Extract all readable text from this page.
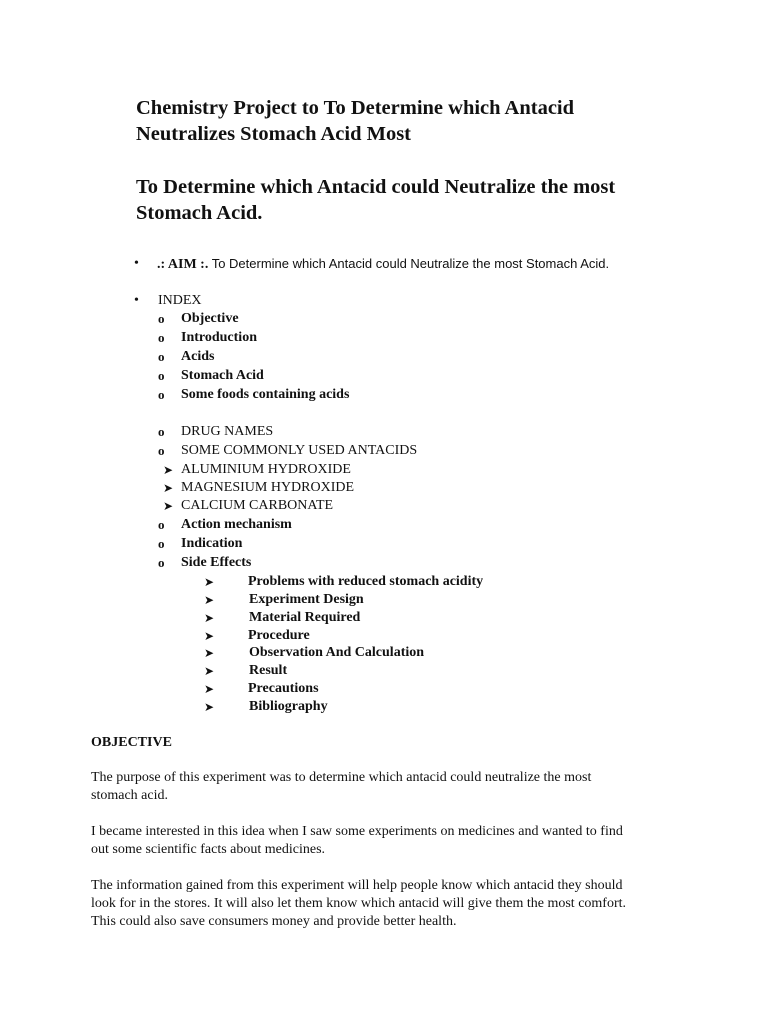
Chemistry Project to To Determine which Antacid
Neutralizes Stomach Acid Most
To Determine which Antacid could Neutralize the most
Stomach Acid.
• .: AIM :. To Determine which Antacid could Neutralize the most Stomach Acid.
• INDEX
o Objective
o Introduction
o Acids
o Stomach Acid
o Some foods containing acids
o DRUG NAMES
o SOME COMMONLY USED ANTACIDS
➤ ALUMINIUM HYDROXIDE
➤ MAGNESIUM HYDROXIDE
➤ CALCIUM CARBONATE
o Action mechanism
o Indication
o Side Effects
➤ Problems with reduced stomach acidity
➤ Experiment Design
➤ Material Required
➤ Procedure
➤ Observation And Calculation
➤ Result
➤ Precautions
➤ Bibliography
OBJECTIVE

The purpose of this experiment was to determine which antacid could neutralize the most
stomach acid.

I became interested in this idea when I saw some experiments on medicines and wanted to find
out some scientific facts about medicines.

The information gained from this experiment will help people know which antacid they should
look for in the stores. It will also let them know which antacid will give them the most comfort.
This could also save consumers money and provide better health.
